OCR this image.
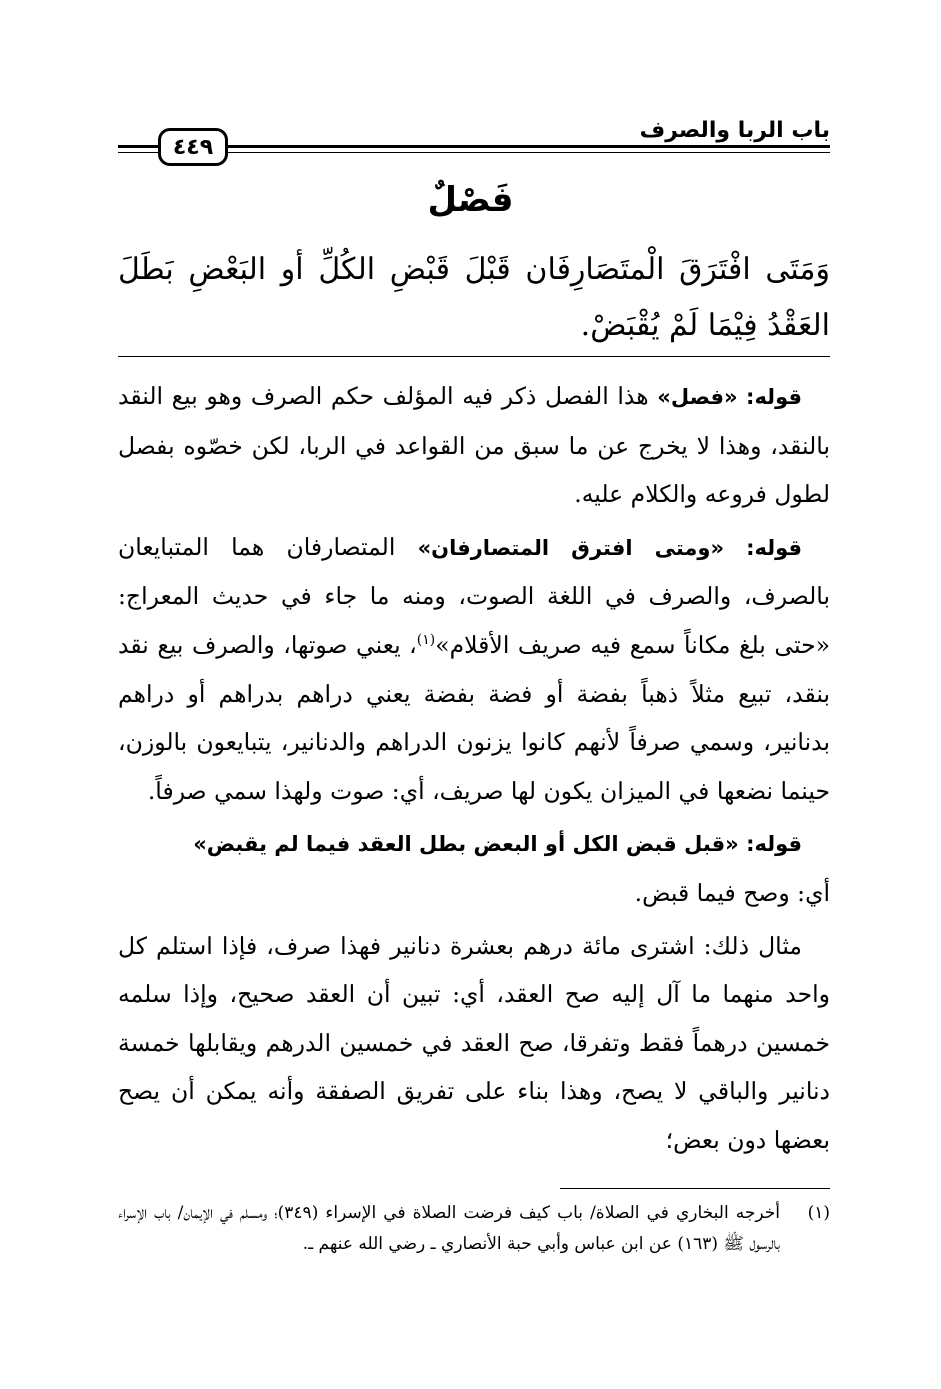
٤٤٩
باب الربا والصرف
فَصْلٌ
وَمَتَى افْتَرَقَ الْمتَصَارِفَان قَبْلَ قَبْضِ الكُلِّ أو البَعْضِ بَطَلَ العَقْدُ فِيْمَا لَمْ يُقْبَضْ.

قوله: «فصل» هذا الفصل ذكر فيه المؤلف حكم الصرف وهو بيع النقد بالنقد، وهذا لا يخرج عن ما سبق من القواعد في الربا، لكن خصّوه بفصل لطول فروعه والكلام عليه.

قوله: «ومتى افترق المتصارفان» المتصارفان هما المتبايعان بالصرف، والصرف في اللغة الصوت، ومنه ما جاء في حديث المعراج: «حتى بلغ مكاناً سمع فيه صريف الأقلام»$^{(١)}$، يعني صوتها، والصرف بيع نقد بنقد، تبيع مثلاً ذهباً بفضة أو فضة بفضة يعني دراهم بدراهم أو دراهم بدنانير، وسمي صرفاً لأنهم كانوا يزنون الدراهم والدنانير، يتبايعون بالوزن، حينما نضعها في الميزان يكون لها صريف، أي: صوت ولهذا سمي صرفاً.

قوله: «قبل قبض الكل أو البعض بطل العقد فيما لم يقبض»

أي: وصح فيما قبض.

مثال ذلك: اشترى مائة درهم بعشرة دنانير فهذا صرف، فإذا استلم كل واحد منهما ما آل إليه صح العقد، أي: تبين أن العقد صحيح، وإذا سلمه خمسين درهماً فقط وتفرقا، صح العقد في خمسين الدرهم ويقابلها خمسة دنانير والباقي لا يصح، وهذا بناء على تفريق الصفقة وأنه يمكن أن يصح بعضها دون بعض؛

(١)
أخرجه البخاري في الصلاة/ باب كيف فرضت الصلاة في الإسراء (٣٤٩)؛ ومسلم في الإيمان/ باب الإسراء بالرسول ﷺ (١٦٣) عن ابن عباس وأبي حبة الأنصاري ـ رضي الله عنهم ـ.
